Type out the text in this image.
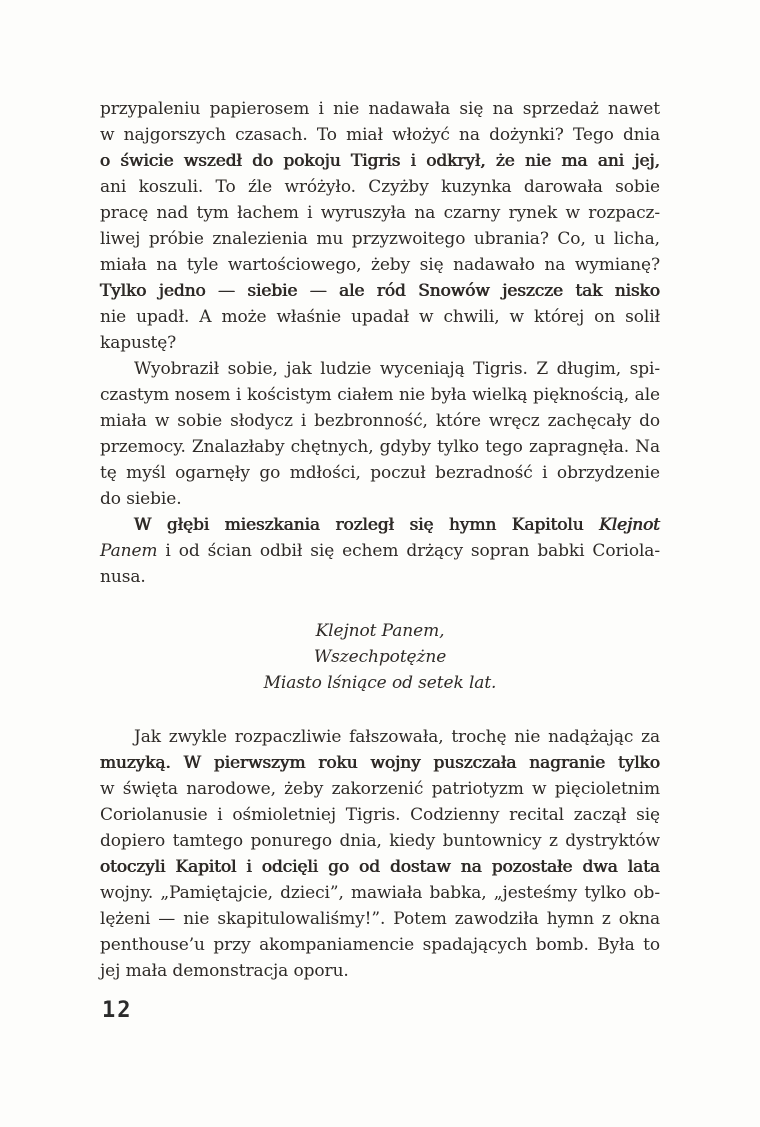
przypaleniu papierosem i nie nadawała się na sprzedaż nawet
w najgorszych czasach. To miał włożyć na dożynki? Tego dnia
o świcie wszedł do pokoju Tigris i odkrył, że nie ma ani jej,
ani koszuli. To źle wróżyło. Czyżby kuzynka darowała sobie
pracę nad tym łachem i wyruszyła na czarny rynek w rozpacz-
liwej próbie znalezienia mu przyzwoitego ubrania? Co, u licha,
miała na tyle wartościowego, żeby się nadawało na wymianę?
Tylko jedno — siebie — ale ród Snowów jeszcze tak nisko
nie upadł. A może właśnie upadał w chwili, w której on solił
kapustę?
Wyobraził sobie, jak ludzie wyceniają Tigris. Z długim, spi-
czastym nosem i kościstym ciałem nie była wielką pięknością, ale
miała w sobie słodycz i bezbronność, które wręcz zachęcały do
przemocy. Znalazłaby chętnych, gdyby tylko tego zapragnęła. Na
tę myśl ogarnęły go mdłości, poczuł bezradność i obrzydzenie
do siebie.
W głębi mieszkania rozległ się hymn Kapitolu Klejnot
Panem i od ścian odbił się echem drżący sopran babki Coriola-
nusa.
Klejnot Panem,
Wszechpotężne
Miasto lśniące od setek lat.
Jak zwykle rozpaczliwie fałszowała, trochę nie nadążając za
muzyką. W pierwszym roku wojny puszczała nagranie tylko
w święta narodowe, żeby zakorzenić patriotyzm w pięcioletnim
Coriolanusie i ośmioletniej Tigris. Codzienny recital zaczął się
dopiero tamtego ponurego dnia, kiedy buntownicy z dystryktów
otoczyli Kapitol i odcięli go od dostaw na pozostałe dwa lata
wojny. „Pamiętajcie, dzieci”, mawiała babka, „jesteśmy tylko ob-
lężeni — nie skapitulowaliśmy!”. Potem zawodziła hymn z okna
penthouse’u przy akompaniamencie spadających bomb. Była to
jej mała demonstracja oporu.
12
